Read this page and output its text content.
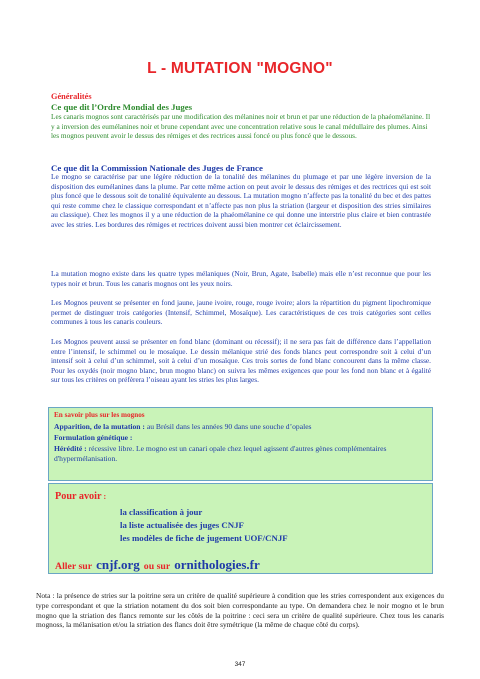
L - MUTATION "MOGNO"
Généralités
Ce que dit l’Ordre Mondial des Juges

Les canaris mognos sont caractérisés par une modification des mélanines noir et brun et par une réduction de la phaéomélanine. Il y a inversion des eumélanines noir et brune cependant avec une concentration relative sous le canal médullaire des plumes. Ainsi les mognos peuvent avoir le dessus des rémiges et des rectrices aussi foncé ou plus foncé que le dessous.

Ce que dit la Commission Nationale des Juges de France

Le mogno se caractérise par une légère réduction de la tonalité des mélanines du plumage et par une légère inversion de la disposition des eumélanines dans la plume. Par cette même action on peut avoir le dessus des rémiges et des rectrices qui est soit plus foncé que le dessous soit de tonalité équivalente au dessous. La mutation mogno n’affecte pas la tonalité du bec et des pattes qui reste comme chez le classique correspondant et n’affecte pas non plus la striation (largeur et disposition des stries similaires au classique). Chez les mognos il y a une réduction de la phaéomélanine ce qui donne une interstrie plus claire et bien contrastée avec les stries. Les bordures des rémiges et rectrices doivent aussi bien montrer cet éclaircissement.

La mutation mogno existe dans les quatre types mélaniques (Noir, Brun, Agate, Isabelle) mais elle n’est reconnue que pour les types noir et brun. Tous les canaris mognos ont les yeux noirs.

Les Mognos peuvent se présenter en fond jaune, jaune ivoire, rouge, rouge ivoire; alors la répartition du pigment lipochromique permet de distinguer trois catégories (Intensif, Schimmel, Mosaïque). Les caractéristiques de ces trois catégories sont celles communes à tous les canaris couleurs.

Les Mognos peuvent aussi se présenter en fond blanc (dominant ou récessif); il ne sera pas fait de différence dans l’appellation entre l’intensif, le schimmel ou le mosaïque. Le dessin mélanique strié des fonds blancs peut correspondre soit à celui d’un intensif soit à celui d’un schimmel, soit à celui d’un mosaïque. Ces trois sortes de fond blanc concourent dans la même classe. Pour les oxydés (noir mogno blanc, brun mogno blanc) on suivra les mêmes exigences que pour les fond non blanc et à égalité sur tous les critères on préfèrera l’oiseau ayant les stries les plus larges.

En savoir plus sur les mognos
Apparition, de la mutation : au Brésil dans les années 90 dans une souche d’opales
Formulation génétique :
Hérédité : récessive libre. Le mogno est un canari opale chez lequel agissent d'autres gènes complémentaires d'hypermélanisation.
Pour avoir :
la classification à jour
la liste actualisée des juges CNJF
les modèles de fiche de jugement UOF/CNJF
Aller sur cnjf.org ou sur ornithologies.fr

Nota : la présence de stries sur la poitrine sera un critère de qualité supérieure à condition que les stries correspondent aux exigences du type correspondant et que la striation notament du dos soit bien correspondante au type. On demandera chez le noir mogno et le brun mogno que la striation des flancs remonte sur les côtés de la poitrine : ceci sera un critère de qualité supérieure. Chez tous les canaris mognoss, la mélanisation et/ou la striation des flancs doit être symétrique (la même de chaque côté du corps).

347
